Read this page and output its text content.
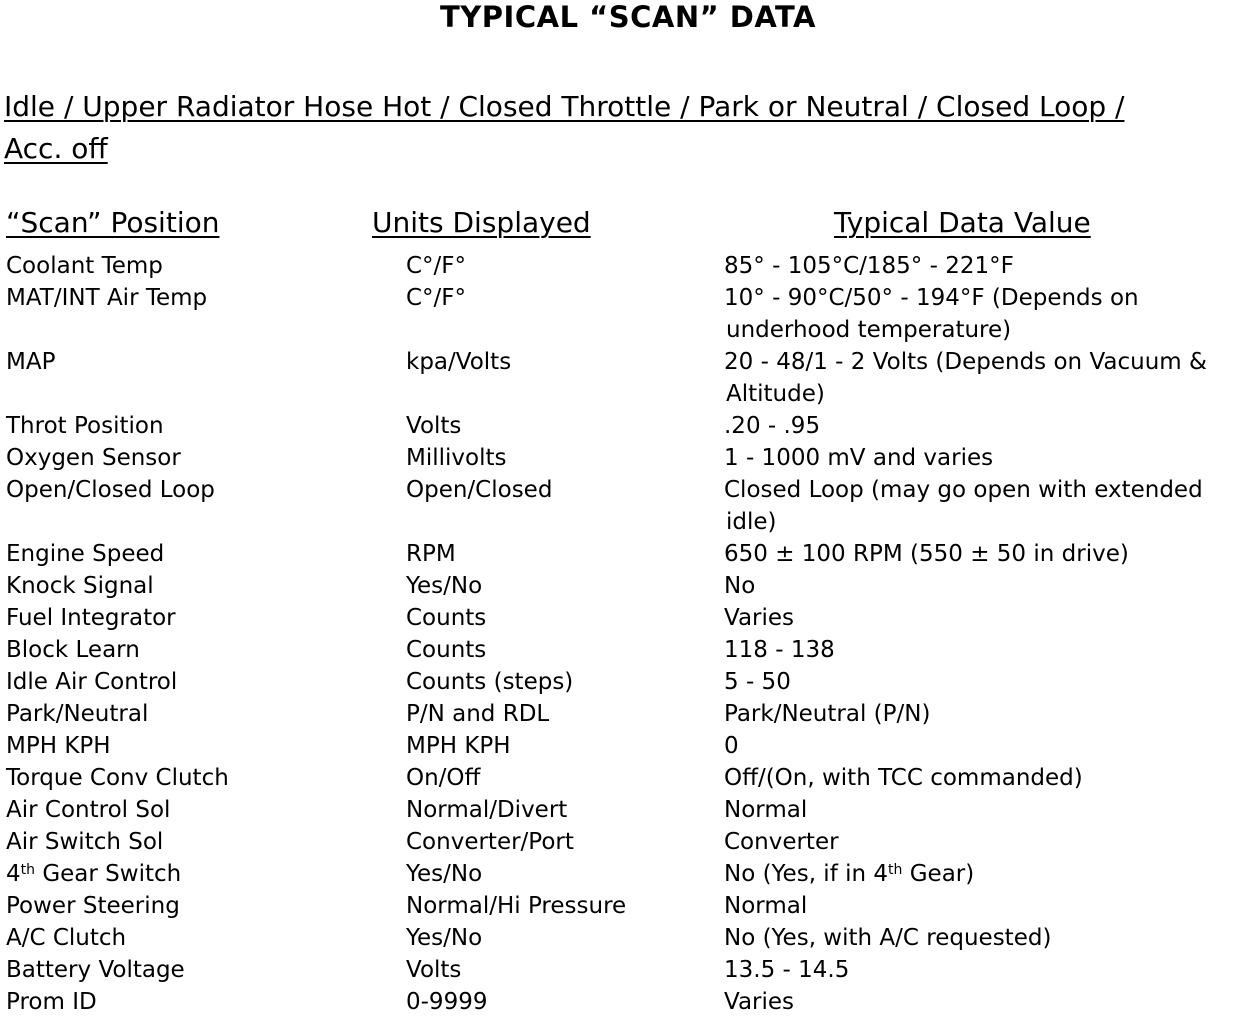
TYPICAL “SCAN” DATA
Idle / Upper Radiator Hose Hot / Closed Throttle / Park or Neutral / Closed Loop /
Acc. off
“Scan” Position	Units Displayed	Typical Data Value
Coolant Temp	C°/F°	85° - 105°C/185° - 221°F
MAT/INT Air Temp	C°/F°	10° - 90°C/50° - 194°F (Depends on
underhood temperature)
MAP	kpa/Volts	20 - 48/1 - 2 Volts (Depends on Vacuum &
Altitude)
Throt Position	Volts	.20 - .95
Oxygen Sensor	Millivolts	1 - 1000 mV and varies
Open/Closed Loop	Open/Closed	Closed Loop (may go open with extended
idle)
Engine Speed	RPM	650 ± 100 RPM (550 ± 50 in drive)
Knock Signal	Yes/No	No
Fuel Integrator	Counts	Varies
Block Learn	Counts	118 - 138
Idle Air Control	Counts (steps)	5 - 50
Park/Neutral	P/N and RDL	Park/Neutral (P/N)
MPH KPH	MPH KPH	0
Torque Conv Clutch	On/Off	Off/(On, with TCC commanded)
Air Control Sol	Normal/Divert	Normal
Air Switch Sol	Converter/Port	Converter
4th Gear Switch	Yes/No	No (Yes, if in 4th Gear)
Power Steering	Normal/Hi Pressure	Normal
A/C Clutch	Yes/No	No (Yes, with A/C requested)
Battery Voltage	Volts	13.5 - 14.5
Prom ID	0-9999	Varies
